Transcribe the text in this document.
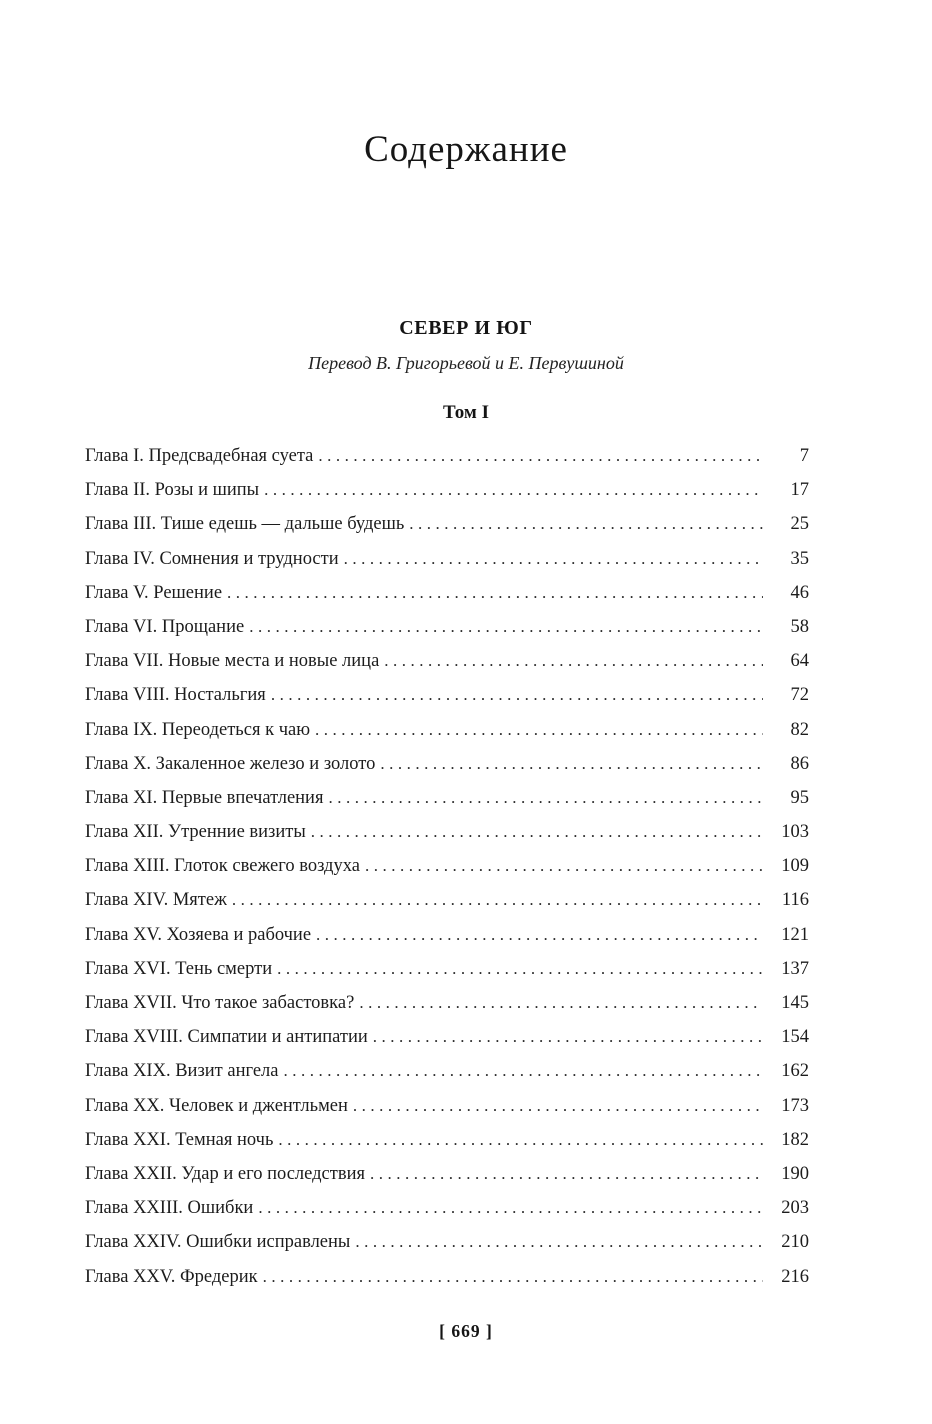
Содержание
СЕВЕР И ЮГ
Перевод В. Григорьевой и Е. Первушиной
Том I
Глава I. Предсвадебная суета .....	7
Глава II. Розы и шипы .....	17
Глава III. Тише едешь — дальше будешь .....	25
Глава IV. Сомнения и трудности .....	35
Глава V. Решение .....	46
Глава VI. Прощание .....	58
Глава VII. Новые места и новые лица .....	64
Глава VIII. Ностальгия .....	72
Глава IX. Переодеться к чаю .....	82
Глава X. Закаленное железо и золото .....	86
Глава XI. Первые впечатления .....	95
Глава XII. Утренние визиты .....	103
Глава XIII. Глоток свежего воздуха .....	109
Глава XIV. Мятеж .....	116
Глава XV. Хозяева и рабочие .....	121
Глава XVI. Тень смерти .....	137
Глава XVII. Что такое забастовка? .....	145
Глава XVIII. Симпатии и антипатии .....	154
Глава XIX. Визит ангела .....	162
Глава XX. Человек и джентльмен .....	173
Глава XXI. Темная ночь .....	182
Глава XXII. Удар и его последствия .....	190
Глава XXIII. Ошибки .....	203
Глава XXIV. Ошибки исправлены .....	210
Глава XXV. Фредерик .....	216
[ 669 ]
